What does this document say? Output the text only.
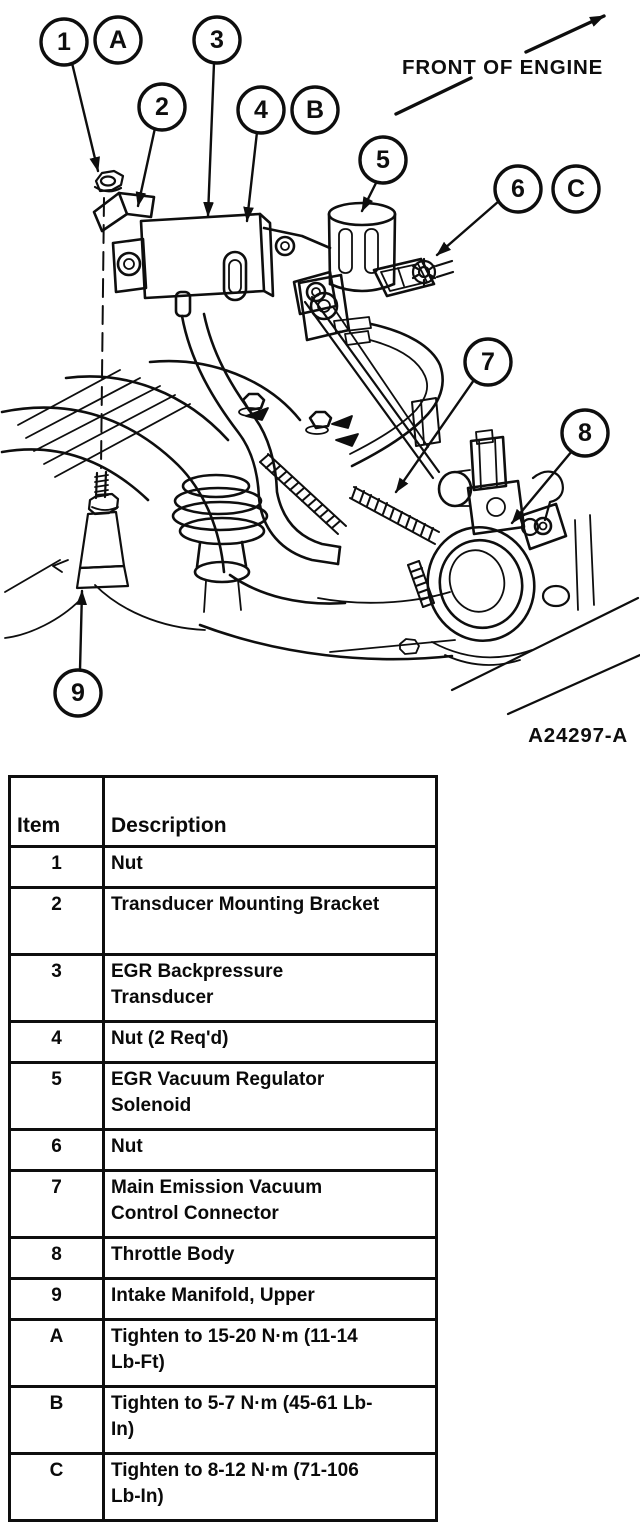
FRONT OF ENGINE
1 A	3
2	4 B
5
6 C
7
8
9
A24297-A
Item	Description
1	Nut
2	Transducer Mounting Bracket
3	EGR Backpressure Transducer
4	Nut (2 Req'd)
5	EGR Vacuum Regulator Solenoid
6	Nut
7	Main Emission Vacuum Control Connector
8	Throttle Body
9	Intake Manifold, Upper
A	Tighten to 15-20 N·m (11-14 Lb-Ft)
B	Tighten to 5-7 N·m (45-61 Lb-In)
C	Tighten to 8-12 N·m (71-106 Lb-In)
